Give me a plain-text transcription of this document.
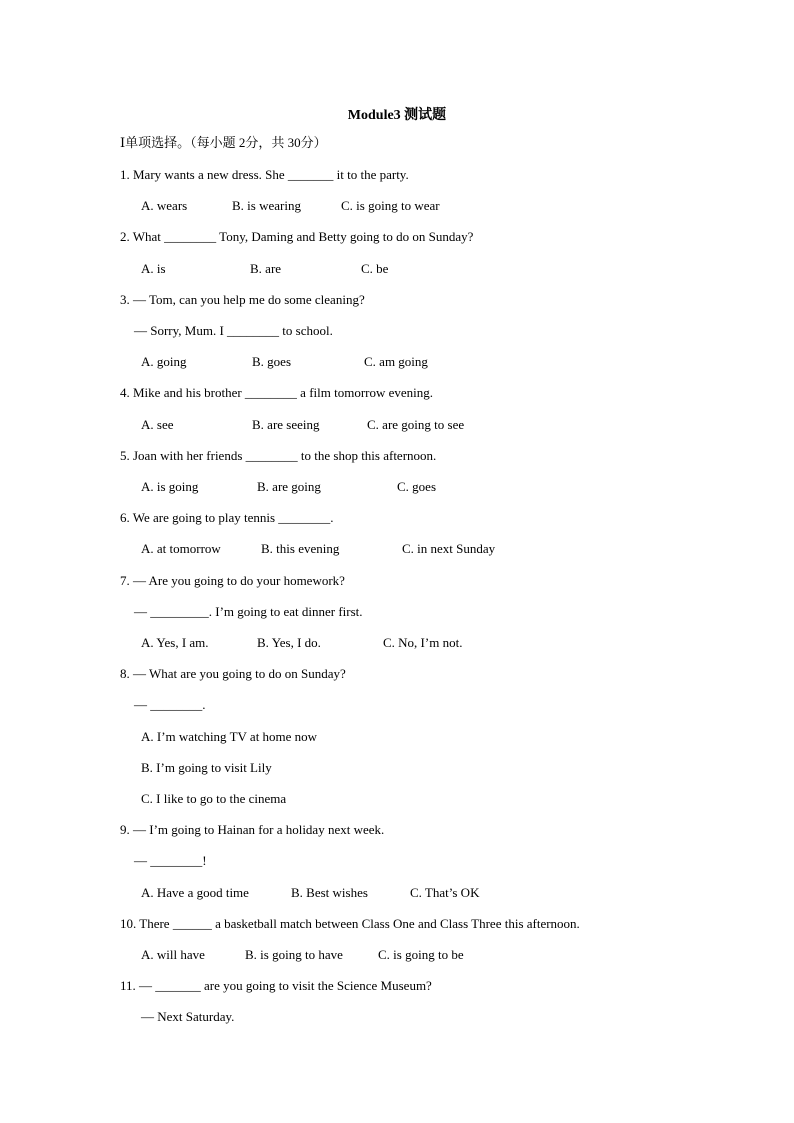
Module3 测试题
Ⅰ单项选择。（每小题 2分，共 30分）
1. Mary wants a new dress. She _______ it to the party.
A. wears	B. is wearing	C. is going to wear
2. What ________ Tony, Daming and Betty going to do on Sunday?
A. is	B. are	C. be
3. — Tom, can you help me do some cleaning?
— Sorry, Mum. I ________ to school.
A. going	B. goes	C. am going
4. Mike and his brother ________ a film tomorrow evening.
A. see	B. are seeing	C. are going to see
5. Joan with her friends ________ to the shop this afternoon.
A. is going	B. are going	C. goes
6. We are going to play tennis ________.
A. at tomorrow	B. this evening	C. in next Sunday
7. — Are you going to do your homework?
— _________. I’m going to eat dinner first.
A. Yes, I am.	B. Yes, I do.	C. No, I’m not.
8. — What are you going to do on Sunday?
— ________.
A. I’m watching TV at home now
B. I’m going to visit Lily
C. I like to go to the cinema
9. — I’m going to Hainan for a holiday next week.
— ________!
A. Have a good time	B. Best wishes	C. That’s OK
10. There ______ a basketball match between Class One and Class Three this afternoon.
A. will have	B. is going to have	C. is going to be
11. — _______ are you going to visit the Science Museum?
— Next Saturday.
